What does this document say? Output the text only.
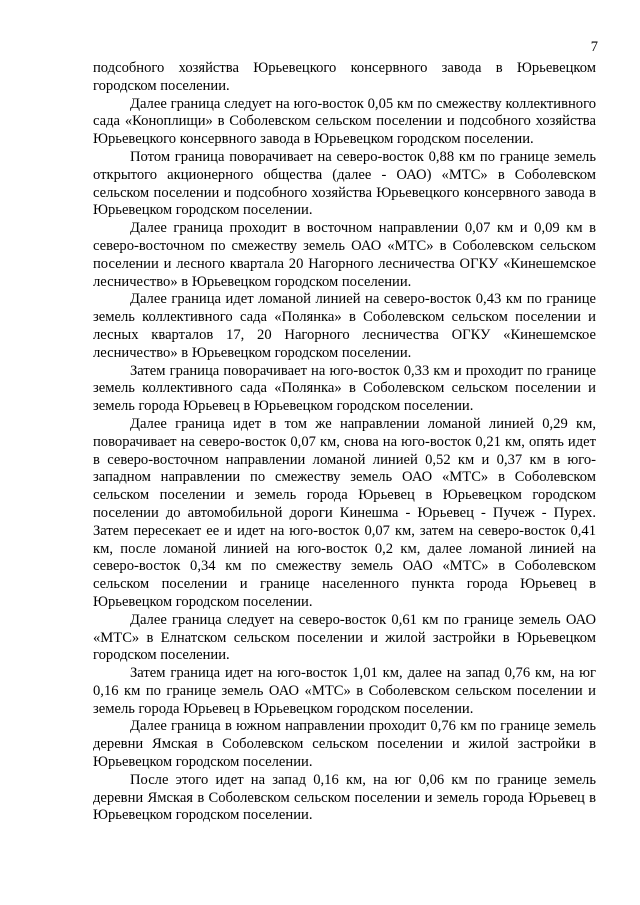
7

подсобного хозяйства Юрьевецкого консервного завода в Юрьевецком городском поселении.

Далее граница следует на юго-восток 0,05 км по смежеству коллективного сада «Коноплищи» в Соболевском сельском поселении и подсобного хозяйства Юрьевецкого консервного завода в Юрьевецком городском поселении.

Потом граница поворачивает на северо-восток 0,88 км по границе земель открытого акционерного общества (далее - ОАО) «МТС» в Соболевском сельском поселении и подсобного хозяйства Юрьевецкого консервного завода в Юрьевецком городском поселении.

Далее граница проходит в восточном направлении 0,07 км и 0,09 км в северо-восточном по смежеству земель ОАО «МТС» в Соболевском сельском поселении и лесного квартала 20 Нагорного лесничества ОГКУ «Кинешемское лесничество» в Юрьевецком городском поселении.

Далее граница идет ломаной линией на северо-восток 0,43 км по границе земель коллективного сада «Полянка» в Соболевском сельском поселении и лесных кварталов 17, 20 Нагорного лесничества ОГКУ «Кинешемское лесничество» в Юрьевецком городском поселении.

Затем граница поворачивает на юго-восток 0,33 км и проходит по границе земель коллективного сада «Полянка» в Соболевском сельском поселении и земель города Юрьевец в Юрьевецком городском поселении.

Далее граница идет в том же направлении ломаной линией 0,29 км, поворачивает на северо-восток 0,07 км, снова на юго-восток 0,21 км, опять идет в северо-восточном направлении ломаной линией 0,52 км и 0,37 км в юго-западном направлении по смежеству земель ОАО «МТС» в Соболевском сельском поселении и земель города Юрьевец в Юрьевецком городском поселении до автомобильной дороги Кинешма - Юрьевец - Пучеж - Пурех. Затем пересекает ее и идет на юго-восток 0,07 км, затем на северо-восток 0,41 км, после ломаной линией на юго-восток 0,2 км, далее ломаной линией на северо-восток 0,34 км по смежеству земель ОАО «МТС» в Соболевском сельском поселении и границе населенного пункта города Юрьевец в Юрьевецком городском поселении.

Далее граница следует на северо-восток 0,61 км по границе земель ОАО «МТС» в Елнатском сельском поселении и жилой застройки в Юрьевецком городском поселении.

Затем граница идет на юго-восток 1,01 км, далее на запад 0,76 км, на юг 0,16 км по границе земель ОАО «МТС» в Соболевском сельском поселении и земель города Юрьевец в Юрьевецком городском поселении.

Далее граница в южном направлении проходит 0,76 км по границе земель деревни Ямская в Соболевском сельском поселении и жилой застройки в Юрьевецком городском поселении.

После этого идет на запад 0,16 км, на юг 0,06 км по границе земель деревни Ямская в Соболевском сельском поселении и земель города Юрьевец в Юрьевецком городском поселении.
